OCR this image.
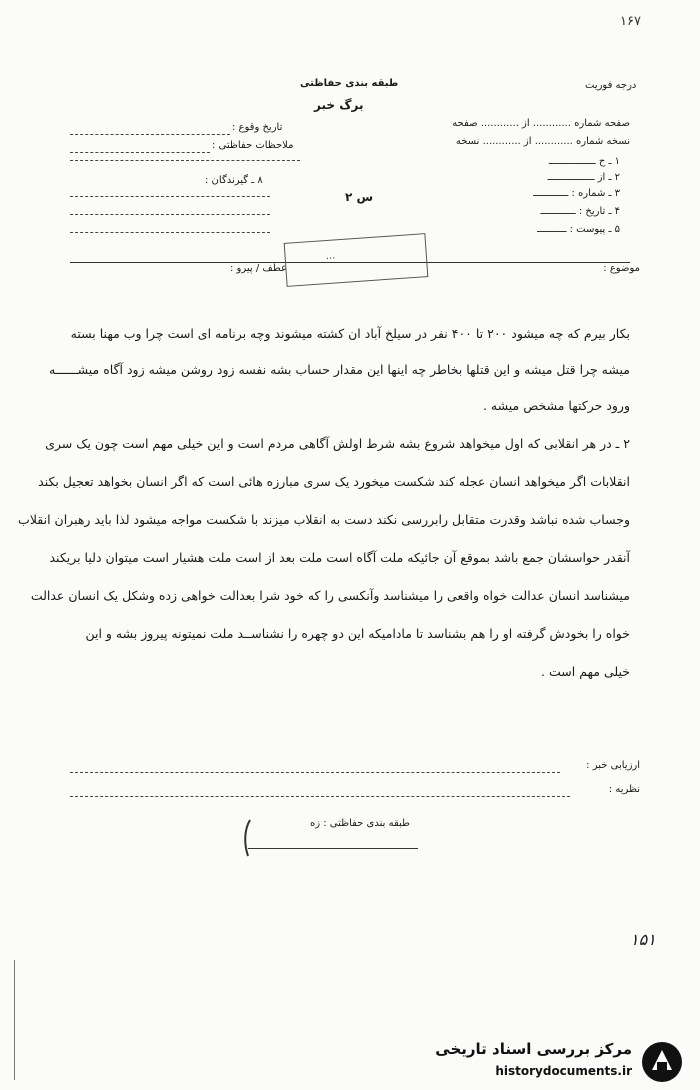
۱۶۷
طبقه بندی حفاظتی
برگ خبر
درجه فوریت
صفحه شماره ............ از ............ صفحه
نسخه شماره ............ از ............ نسخه
۱ ـ ح ــــــــــــــــ
۲ ـ از ــــــــــــــــ
۳ ـ شماره : ــــــــــــ
۴ ـ تاریخ : ــــــــــــ
۵ ـ پیوست : ــــــــــ
تاریخ وقوع :
ملاحظات حفاظتی :
۸ ـ گیرندگان :
س ۲
موضوع :
عطف / پیرو :
...
بکار بیرم که چه میشود ۲۰۰ تا ۴۰۰ نفر در سیلخ آباد ان کشته میشوند وچه برنامه ای است چرا وب مهنا بسته
میشه چرا قتل میشه و این قتلها بخاطر چه اینها این مقدار حساب بشه نفسه زود روشن میشه زود آگاه میشــــــه
ورود حرکتها مشخص میشه .
۲ ـ در هر انقلابی که اول میخواهد شروع بشه شرط اولش آگاهی مردم است و این خیلی مهم است چون یک سری
انقلابات اگر میخواهد انسان عجله کند شکست میخورد یک سری مبارزه هائی است که اگر انسان بخواهد تعجیل بکند
وجساب شده نباشد وقدرت متقابل رابررسی نکند دست به انقلاب میزند با شکست مواجه میشود لذا باید رهبران انقلاب
آنقدر حواسشان جمع باشد بموقع آن جائیکه ملت آگاه است ملت بعد از است ملت هشیار است میتوان دلیا بریکند
میشناسد انسان عدالت خواه واقعی را میشناسد وآنکسی را که خود شرا بعدالت خواهی زده وشکل یک انسان عدالت
خواه را بخودش گرفته او را هم بشناسد تا مادامیکه این دو چهره را نشناســد ملت نمیتونه پیروز بشه و این
خیلی مهم است .
ارزیابی خبر :
نظریه :
طبقه بندی حفاظتی : زه
۱۵۱
مرکز بررسی اسناد تاریخی
historydocuments.ir
